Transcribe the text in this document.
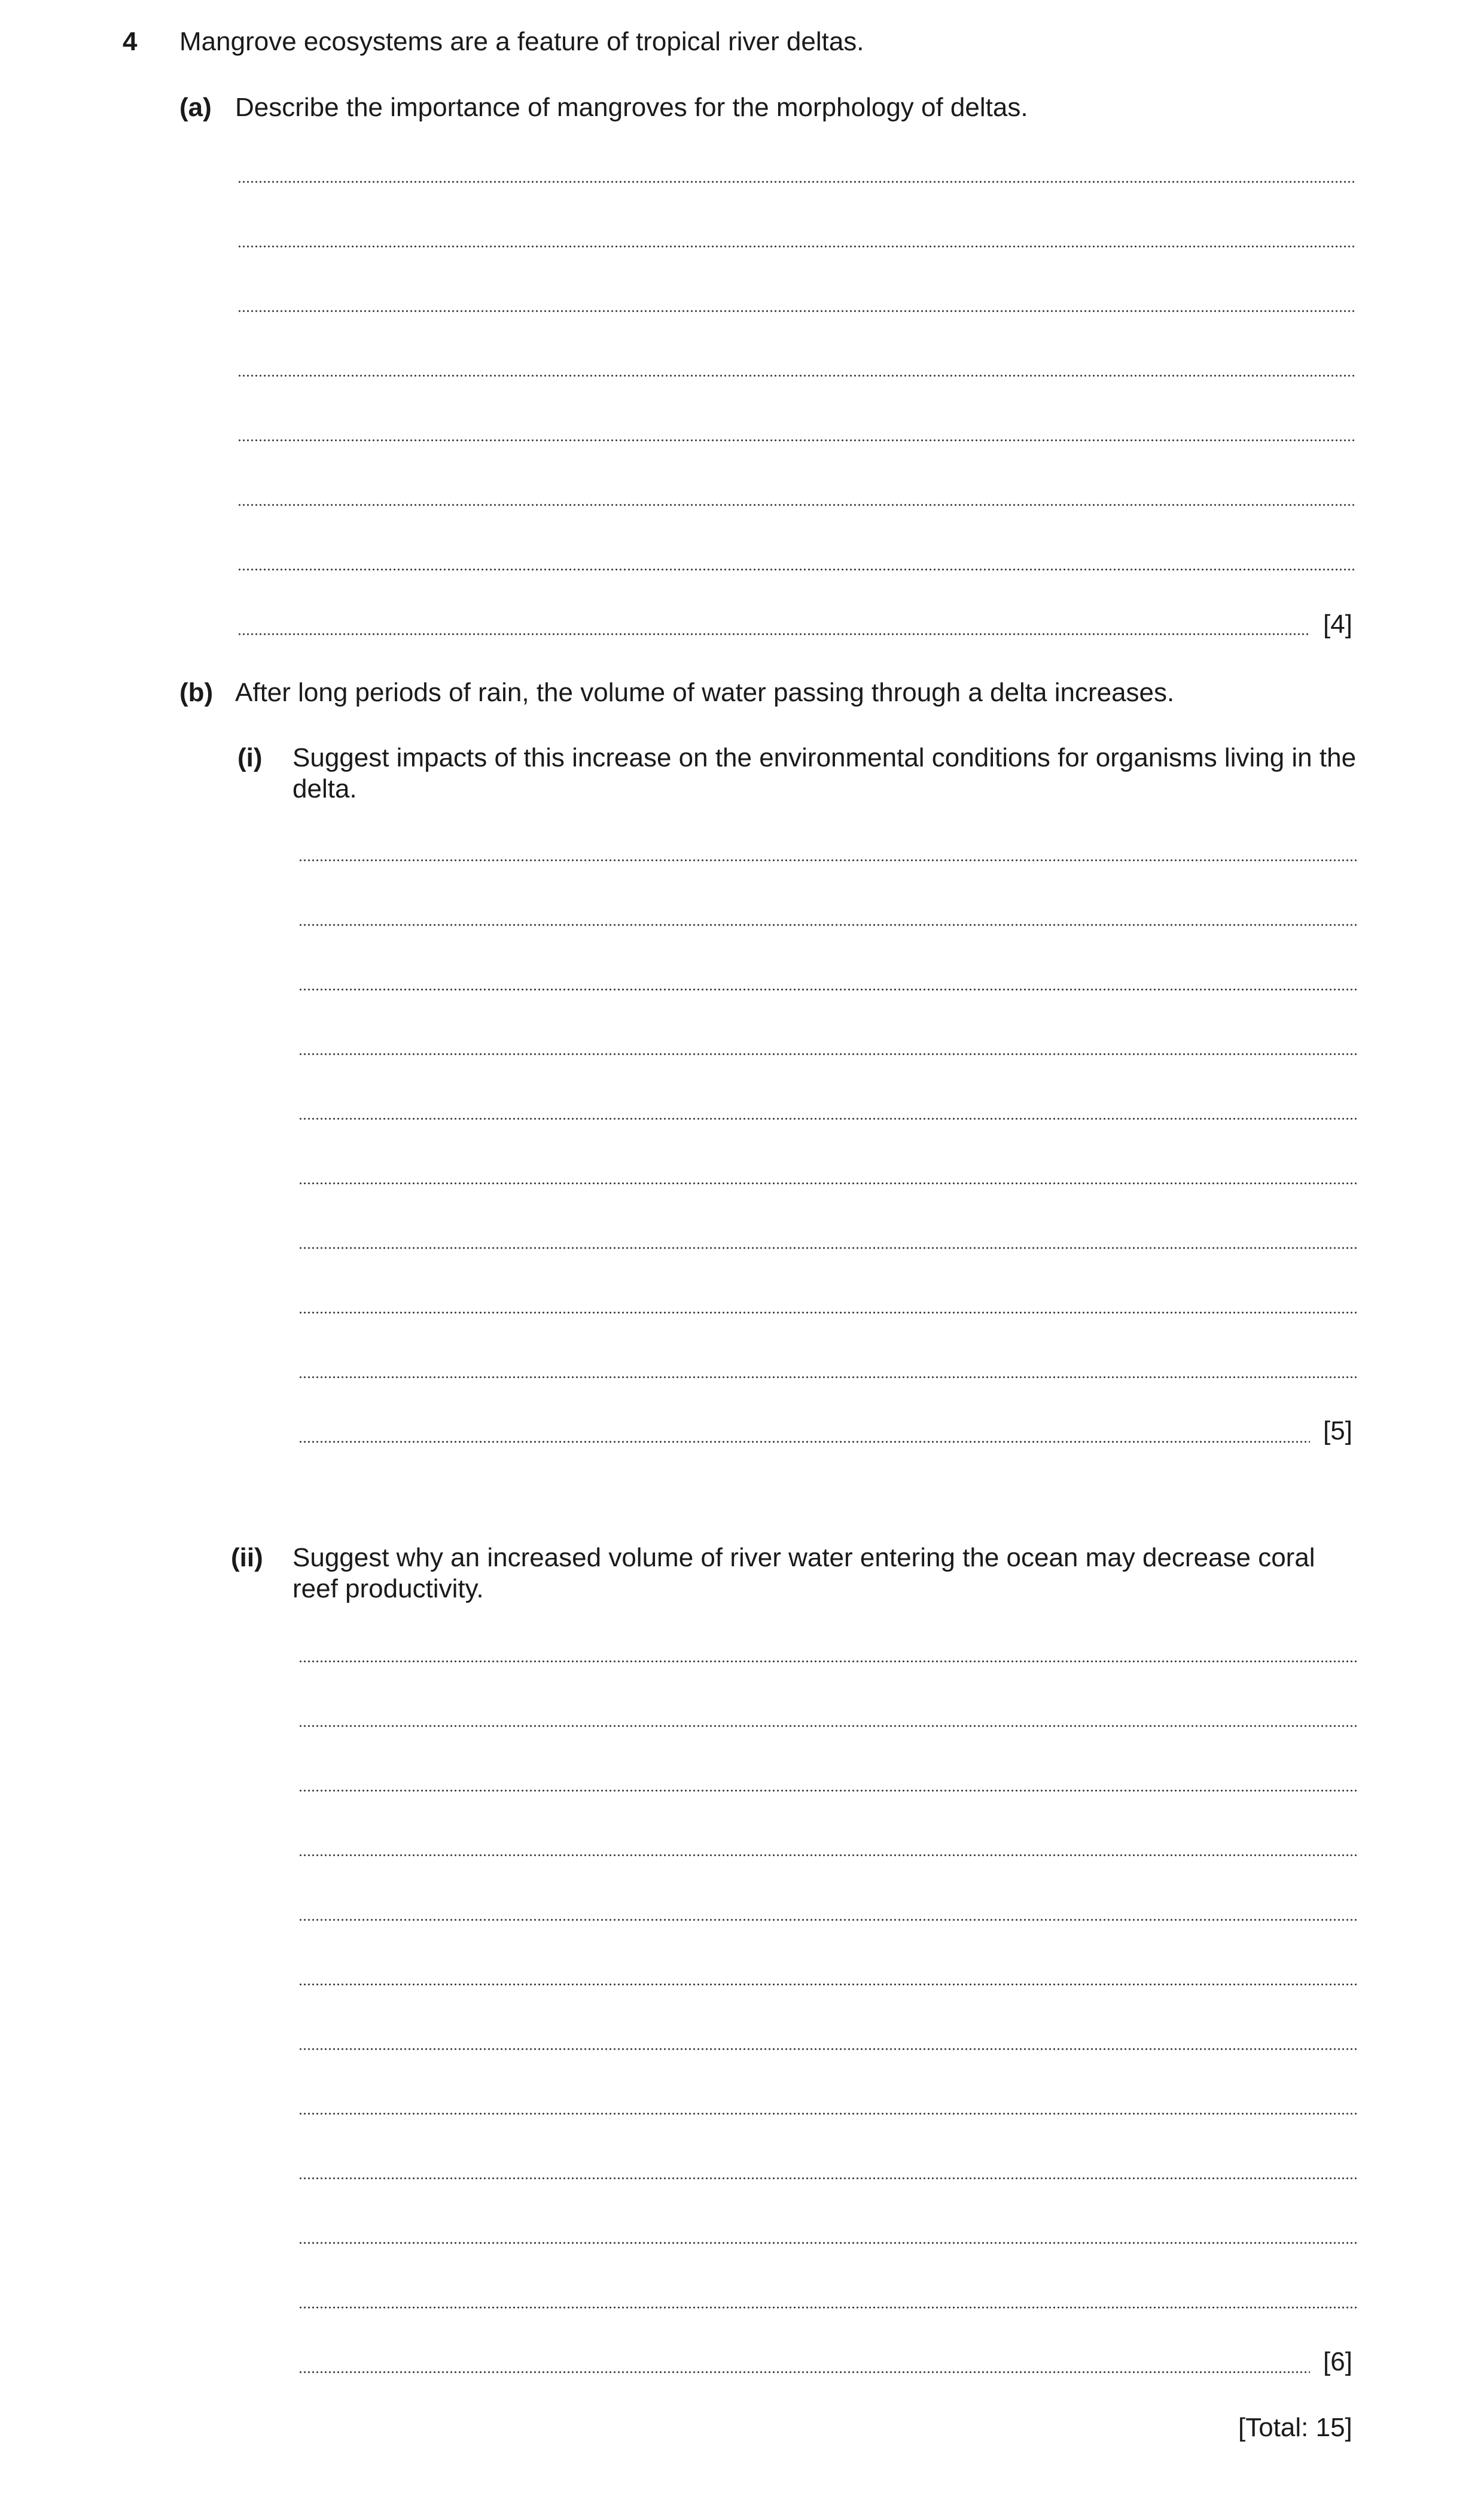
4 Mangrove ecosystems are a feature of tropical river deltas.
(a) Describe the importance of mangroves for the morphology of deltas.
[4]
(b) After long periods of rain, the volume of water passing through a delta increases.
(i) Suggest impacts of this increase on the environmental conditions for organisms living in the delta.
[5]
(ii) Suggest why an increased volume of river water entering the ocean may decrease coral reef productivity.
[6]
[Total: 15]
